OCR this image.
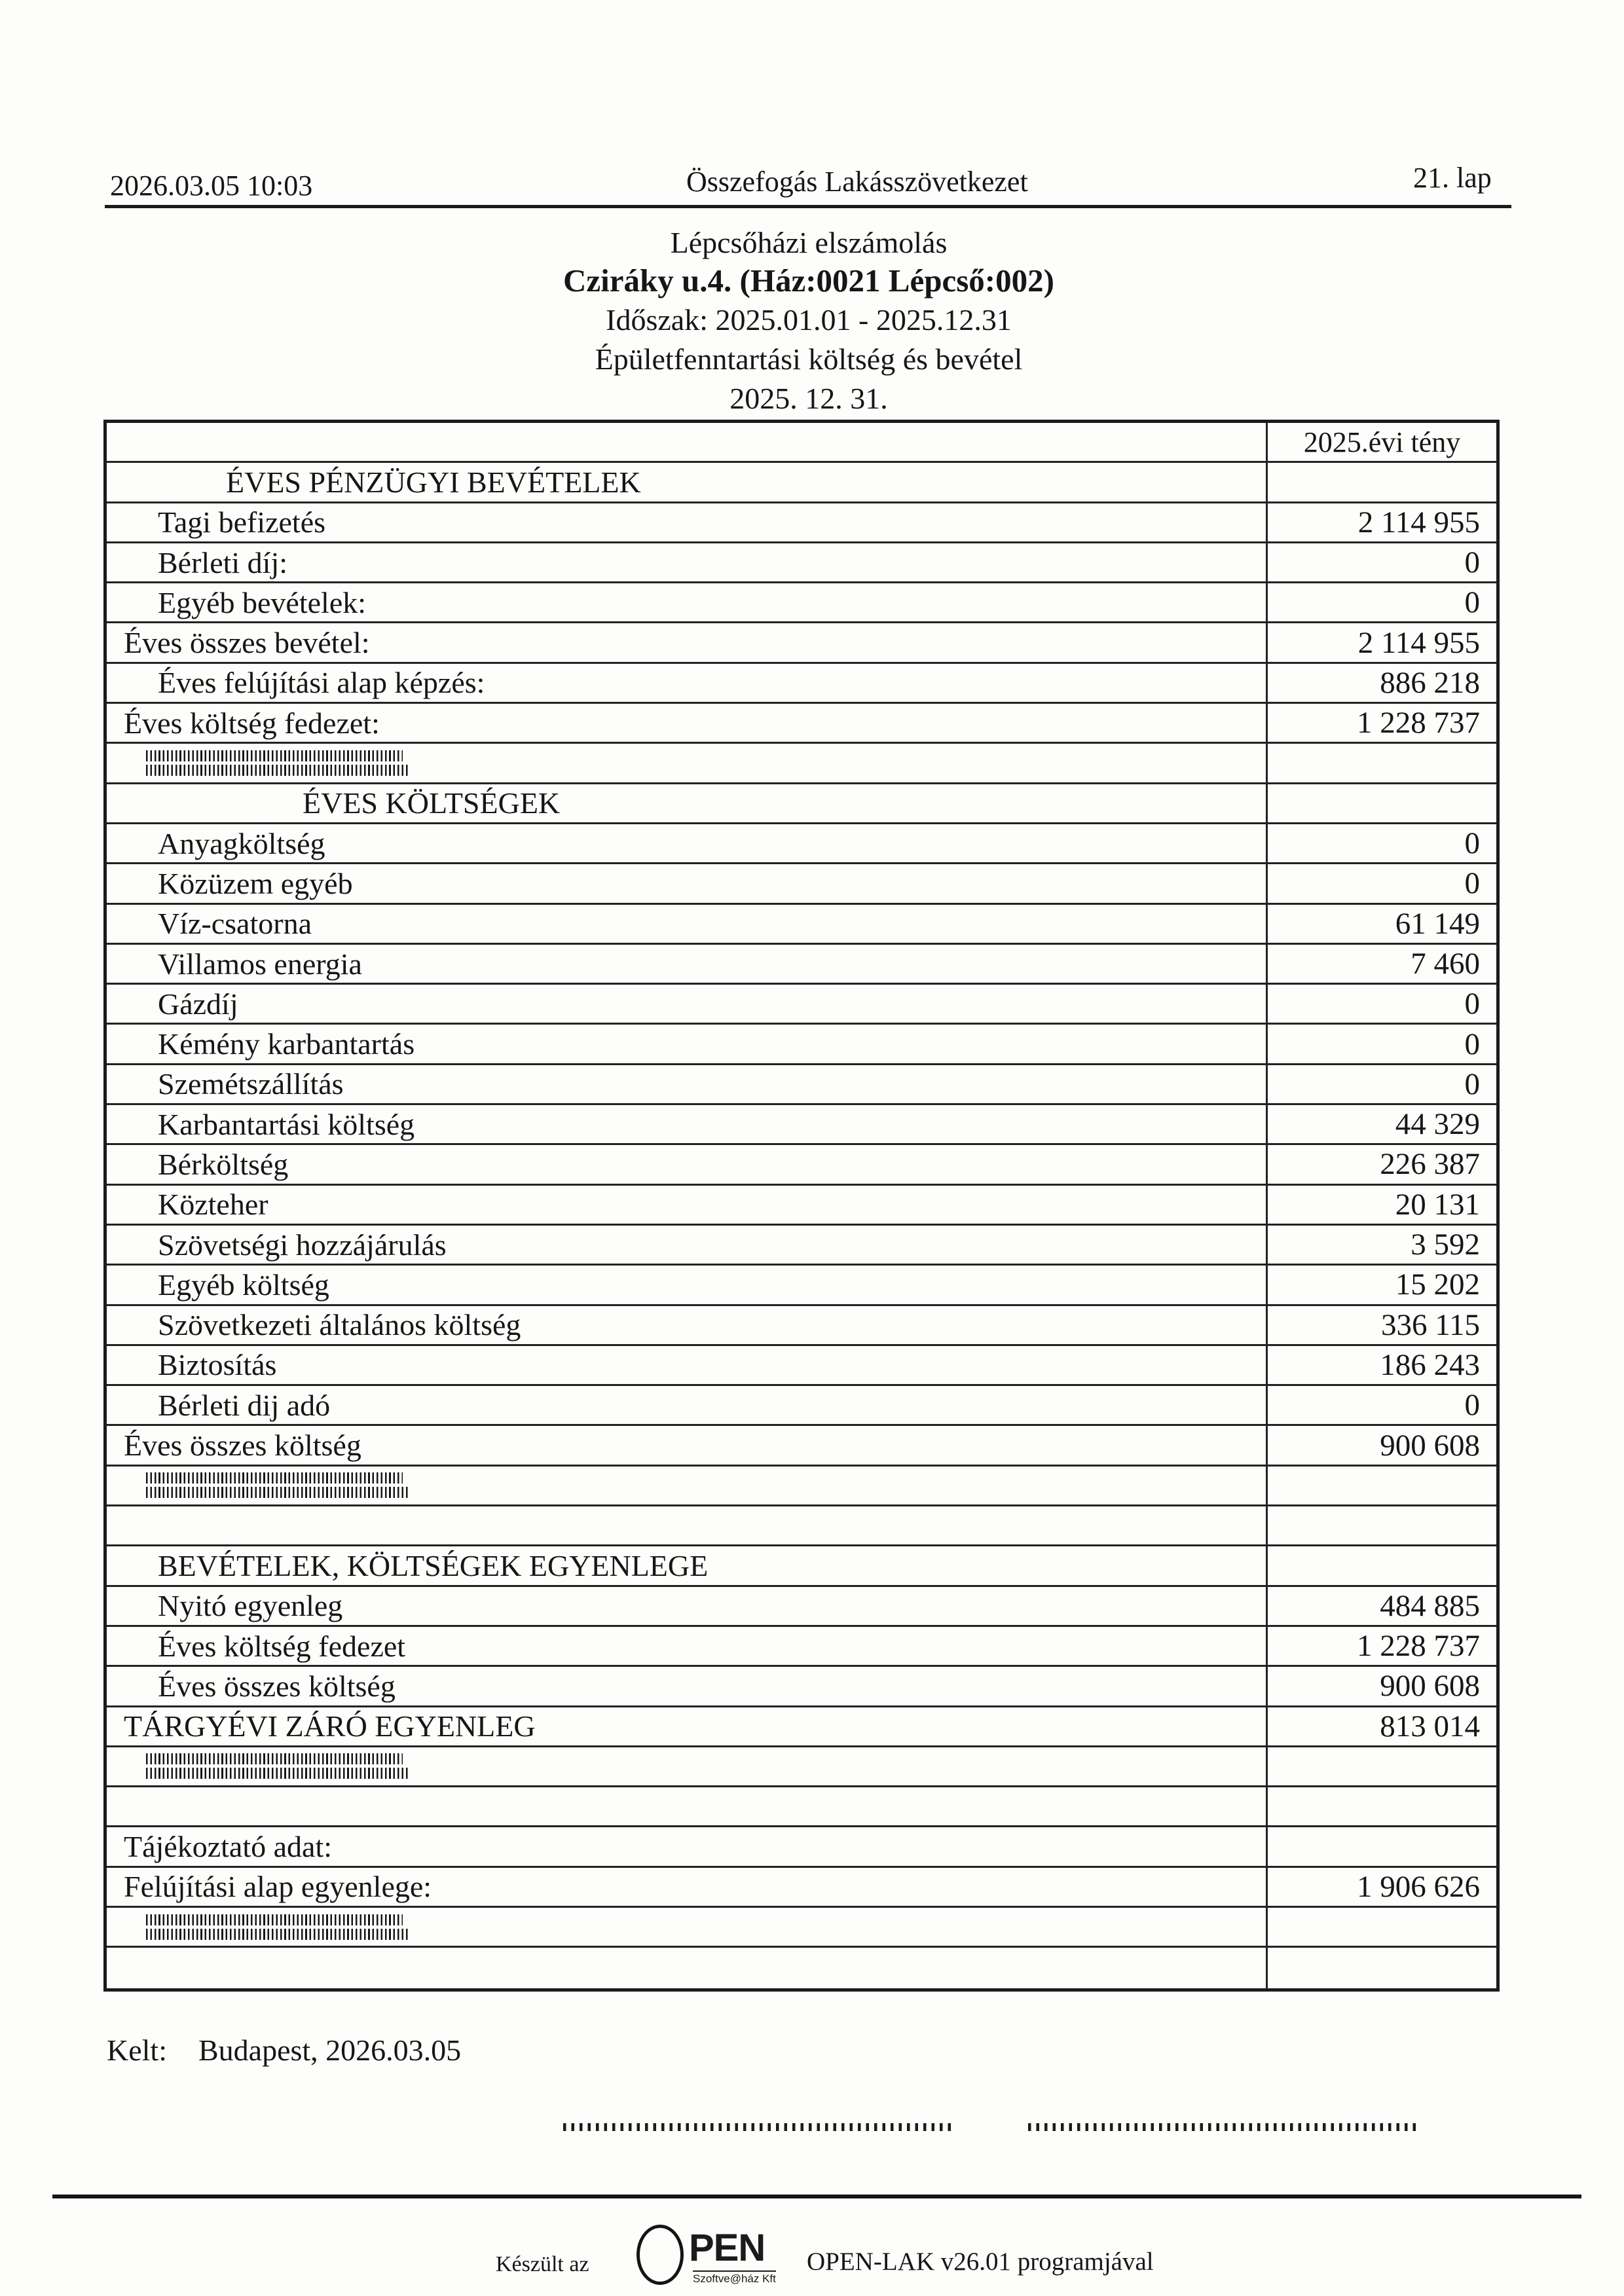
2026.03.05 10:03	Összefogás Lakásszövetkezet	21. lap
Lépcsőházi elszámolás
Cziráky u.4. (Ház:0021 Lépcső:002)
Időszak: 2025.01.01 - 2025.12.31
Épületfenntartási költség és bevétel
2025. 12. 31.
2025.évi tény
ÉVES PÉNZÜGYI BEVÉTELEK
Tagi befizetés	2 114 955
Bérleti díj:	0
Egyéb bevételek:	0
Éves összes bevétel:	2 114 955
Éves felújítási alap képzés:	886 218
Éves költség fedezet:	1 228 737
ÉVES KÖLTSÉGEK
Anyagköltség	0
Közüzem egyéb	0
Víz-csatorna	61 149
Villamos energia	7 460
Gázdíj	0
Kémény karbantartás	0
Szemétszállítás	0
Karbantartási költség	44 329
Bérköltség	226 387
Közteher	20 131
Szövetségi hozzájárulás	3 592
Egyéb költség	15 202
Szövetkezeti általános költség	336 115
Biztosítás	186 243
Bérleti dij adó	0
Éves összes költség	900 608
BEVÉTELEK, KÖLTSÉGEK EGYENLEGE
Nyitó egyenleg	484 885
Éves költség fedezet	1 228 737
Éves összes költség	900 608
TÁRGYÉVI ZÁRÓ EGYENLEG	813 014
Tájékoztató adat:
Felújítási alap egyenlege:	1 906 626
Kelt: Budapest, 2026.03.05
Készült az	PEN
Szoftve@ház Kft
OPEN-LAK v26.01 programjával
